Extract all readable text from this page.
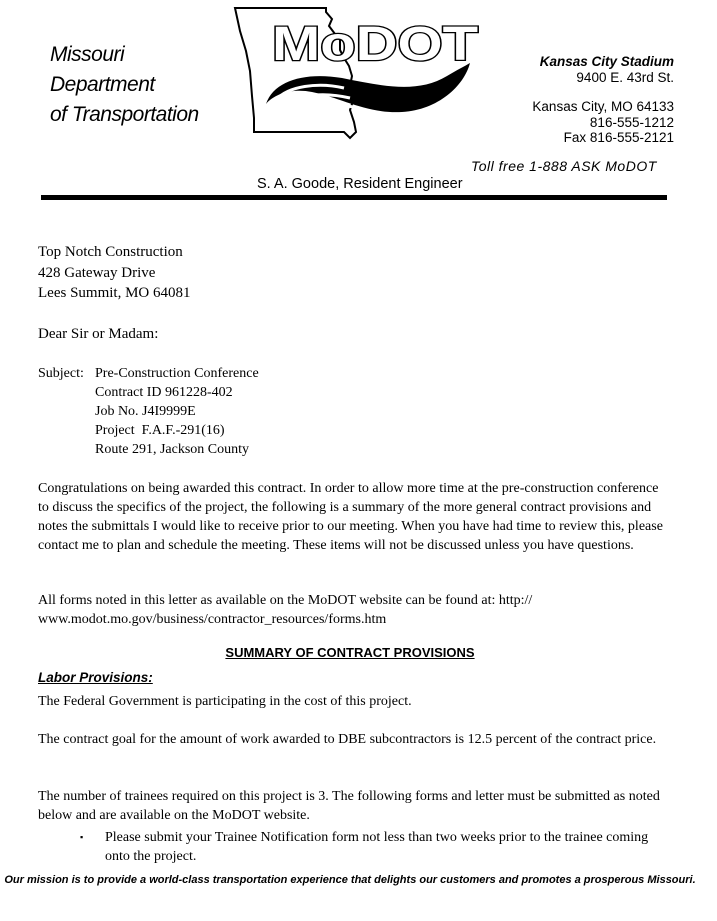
Missouri
Department
of Transportation
MoDOT	Kansas City Stadium
9400 E. 43rd St.
Kansas City, MO 64133
816-555-1212
Fax 816-555-2121
Toll free 1-888 ASK MoDOT
S. A. Goode, Resident Engineer
Top Notch Construction
428 Gateway Drive
Lees Summit, MO 64081
Dear Sir or Madam:
Subject: Pre-Construction Conference
Contract ID 961228-402
Job No. J4I9999E
Project  F.A.F.-291(16)
Route 291, Jackson County

Congratulations on being awarded this contract. In order to allow more time at the pre-construction conference to discuss the specifics of the project, the following is a summary of the more general contract provisions and notes the submittals I would like to receive prior to our meeting. When you have had time to review this, please contact me to plan and schedule the meeting. These items will not be discussed unless you have questions.

All forms noted in this letter as available on the MoDOT website can be found at: http:// www.modot.mo.gov/business/contractor_resources/forms.htm

SUMMARY OF CONTRACT PROVISIONS
Labor Provisions:

The Federal Government is participating in the cost of this project.

The contract goal for the amount of work awarded to DBE subcontractors is 12.5 percent of the contract price.

The number of trainees required on this project is 3. The following forms and letter must be submitted as noted below and are available on the MoDOT website.

▪	Please submit your Trainee Notification form not less than two weeks prior to the trainee coming onto the project.
Our mission is to provide a world-class transportation experience that delights our customers and promotes a prosperous Missouri.
